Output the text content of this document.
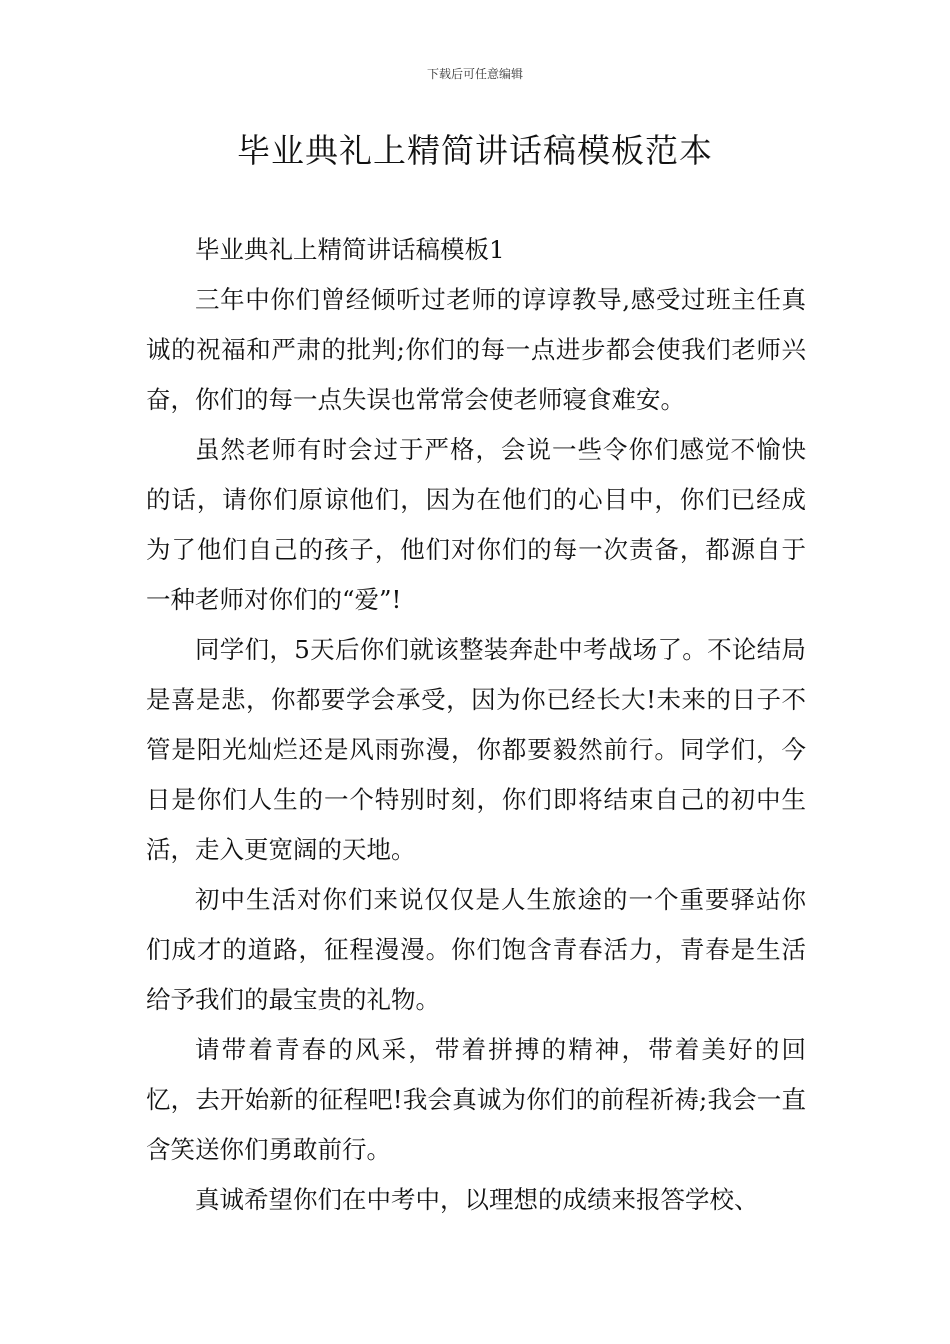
下载后可任意编辑
毕业典礼上精简讲话稿模板范本

毕业典礼上精简讲话稿模板1

三年中你们曾经倾听过老师的谆谆教导,感受过班主任真诚的祝福和严肃的批判;你们的每一点进步都会使我们老师兴奋，你们的每一点失误也常常会使老师寝食难安。

虽然老师有时会过于严格，会说一些令你们感觉不愉快的话，请你们原谅他们，因为在他们的心目中，你们已经成为了他们自己的孩子，他们对你们的每一次责备，都源自于一种老师对你们的“爱”!

同学们，5天后你们就该整装奔赴中考战场了。不论结局是喜是悲，你都要学会承受，因为你已经长大!未来的日子不管是阳光灿烂还是风雨弥漫，你都要毅然前行。同学们，今日是你们人生的一个特别时刻，你们即将结束自己的初中生活，走入更宽阔的天地。

初中生活对你们来说仅仅是人生旅途的一个重要驿站你们成才的道路，征程漫漫。你们饱含青春活力，青春是生活给予我们的最宝贵的礼物。

请带着青春的风采，带着拼搏的精神，带着美好的回忆，去开始新的征程吧!我会真诚为你们的前程祈祷;我会一直含笑送你们勇敢前行。

真诚希望你们在中考中，以理想的成绩来报答学校、
